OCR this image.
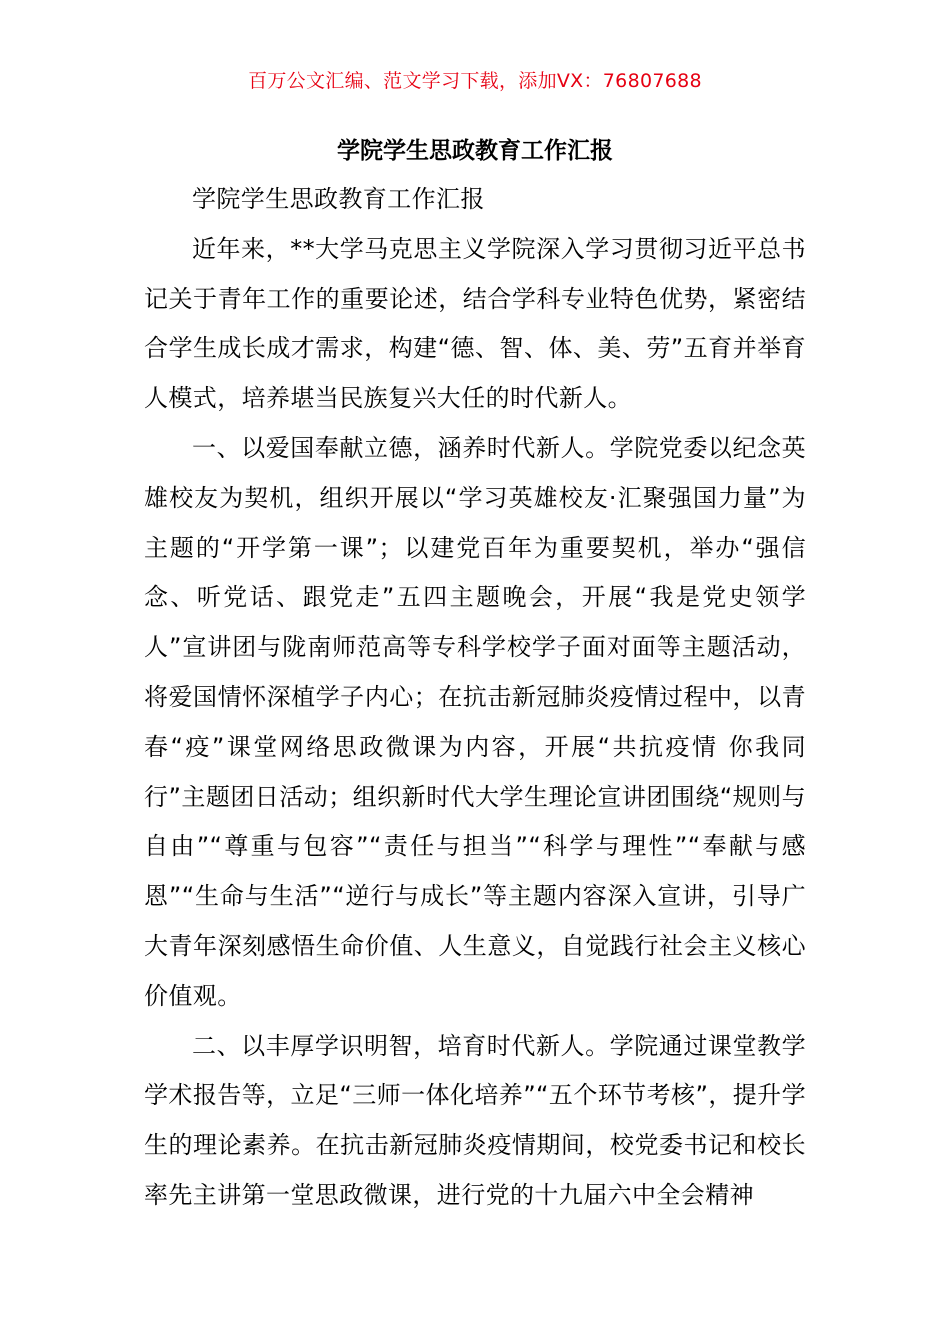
百万公文汇编、范文学习下载，添加VX：76807688
学院学生思政教育工作汇报

学院学生思政教育工作汇报

近年来，**大学马克思主义学院深入学习贯彻习近平总书记关于青年工作的重要论述，结合学科专业特色优势，紧密结合学生成长成才需求，构建“德、智、体、美、劳”五育并举育人模式，培养堪当民族复兴大任的时代新人。

一、以爱国奉献立德，涵养时代新人。学院党委以纪念英雄校友为契机，组织开展以“学习英雄校友·汇聚强国力量”为主题的“开学第一课”；以建党百年为重要契机，举办“强信念、听党话、跟党走”五四主题晚会，开展“我是党史领学人”宣讲团与陇南师范高等专科学校学子面对面等主题活动，将爱国情怀深植学子内心；在抗击新冠肺炎疫情过程中，以青春“疫”课堂网络思政微课为内容，开展“共抗疫情 你我同行”主题团日活动；组织新时代大学生理论宣讲团围绕“规则与自由”“尊重与包容”“责任与担当”“科学与理性”“奉献与感恩”“生命与生活”“逆行与成长”等主题内容深入宣讲，引导广大青年深刻感悟生命价值、人生意义，自觉践行社会主义核心价值观。

二、以丰厚学识明智，培育时代新人。学院通过课堂教学学术报告等，立足“三师一体化培养”“五个环节考核”，提升学生的理论素养。在抗击新冠肺炎疫情期间，校党委书记和校长率先主讲第一堂思政微课，进行党的十九届六中全会精神
